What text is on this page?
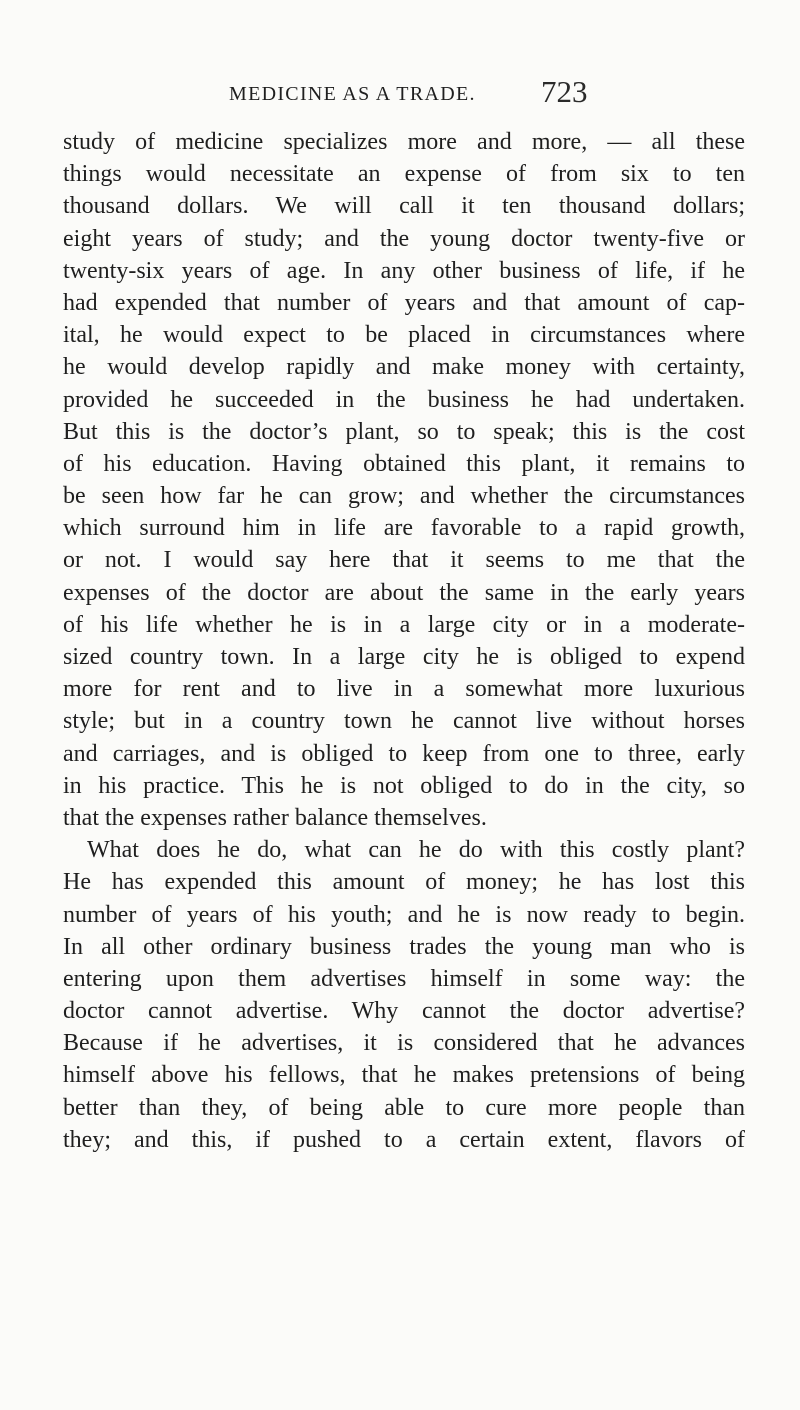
MEDICINE AS A TRADE. 723
study of medicine specializes more and more, — all these
things would necessitate an expense of from six to ten
thousand dollars. We will call it ten thousand dollars;
eight years of study; and the young doctor twenty-five or
twenty-six years of age. In any other business of life, if he
had expended that number of years and that amount of cap-
ital, he would expect to be placed in circumstances where
he would develop rapidly and make money with certainty,
provided he succeeded in the business he had undertaken.
But this is the doctor’s plant, so to speak; this is the cost
of his education. Having obtained this plant, it remains to
be seen how far he can grow; and whether the circumstances
which surround him in life are favorable to a rapid growth,
or not. I would say here that it seems to me that the
expenses of the doctor are about the same in the early years
of his life whether he is in a large city or in a moderate-
sized country town. In a large city he is obliged to expend
more for rent and to live in a somewhat more luxurious
style; but in a country town he cannot live without horses
and carriages, and is obliged to keep from one to three, early
in his practice. This he is not obliged to do in the city, so
that the expenses rather balance themselves.
What does he do, what can he do with this costly plant?
He has expended this amount of money; he has lost this
number of years of his youth; and he is now ready to begin.
In all other ordinary business trades the young man who is
entering upon them advertises himself in some way: the
doctor cannot advertise. Why cannot the doctor advertise?
Because if he advertises, it is considered that he advances
himself above his fellows, that he makes pretensions of being
better than they, of being able to cure more people than
they; and this, if pushed to a certain extent, flavors of
